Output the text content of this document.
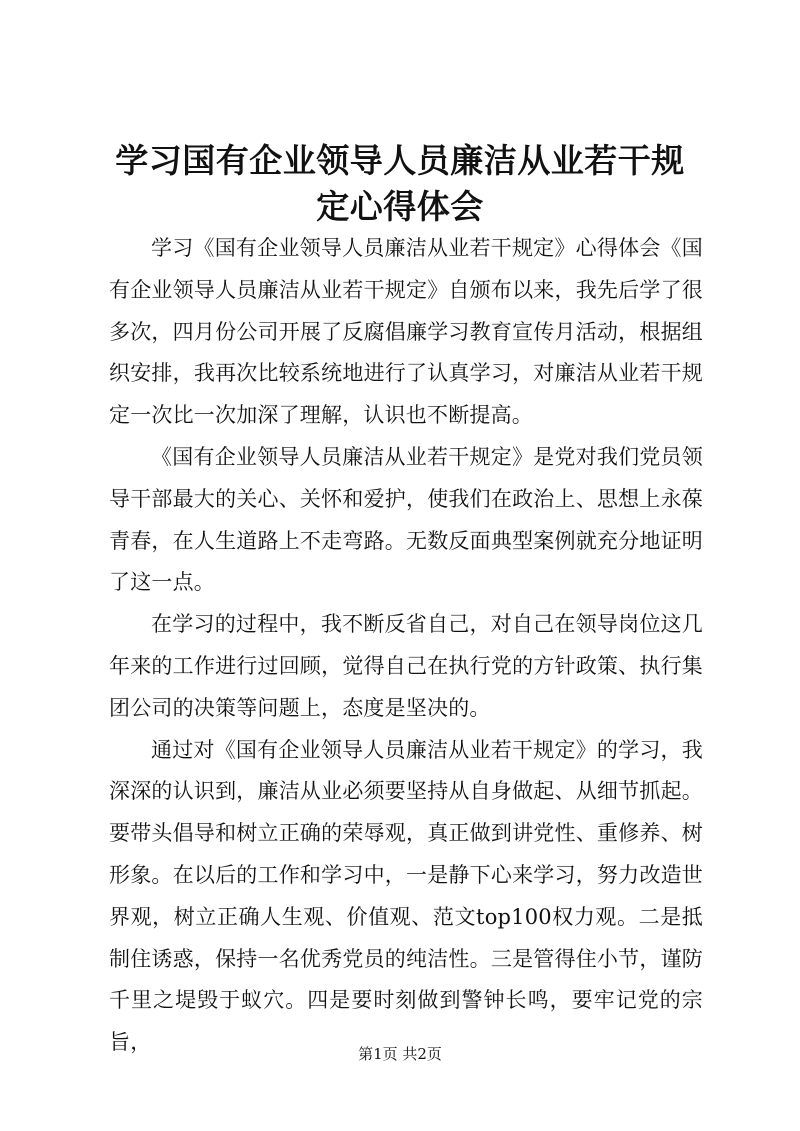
学习国有企业领导人员廉洁从业若干规定心得体会

学习《国有企业领导人员廉洁从业若干规定》心得体会《国有企业领导人员廉洁从业若干规定》自颁布以来，我先后学了很多次，四月份公司开展了反腐倡廉学习教育宣传月活动，根据组织安排，我再次比较系统地进行了认真学习，对廉洁从业若干规定一次比一次加深了理解，认识也不断提高。

《国有企业领导人员廉洁从业若干规定》是党对我们党员领导干部最大的关心、关怀和爱护，使我们在政治上、思想上永葆青春，在人生道路上不走弯路。无数反面典型案例就充分地证明了这一点。

在学习的过程中，我不断反省自己，对自己在领导岗位这几年来的工作进行过回顾，觉得自己在执行党的方针政策、执行集团公司的决策等问题上，态度是坚决的。

通过对《国有企业领导人员廉洁从业若干规定》的学习，我深深的认识到，廉洁从业必须要坚持从自身做起、从细节抓起。要带头倡导和树立正确的荣辱观，真正做到讲党性、重修养、树形象。在以后的工作和学习中，一是静下心来学习，努力改造世界观，树立正确人生观、价值观、范文top100权力观。二是抵制住诱惑，保持一名优秀党员的纯洁性。三是管得住小节，谨防千里之堤毁于蚁穴。四是要时刻做到警钟长鸣，要牢记党的宗旨，	第1页 共2页
